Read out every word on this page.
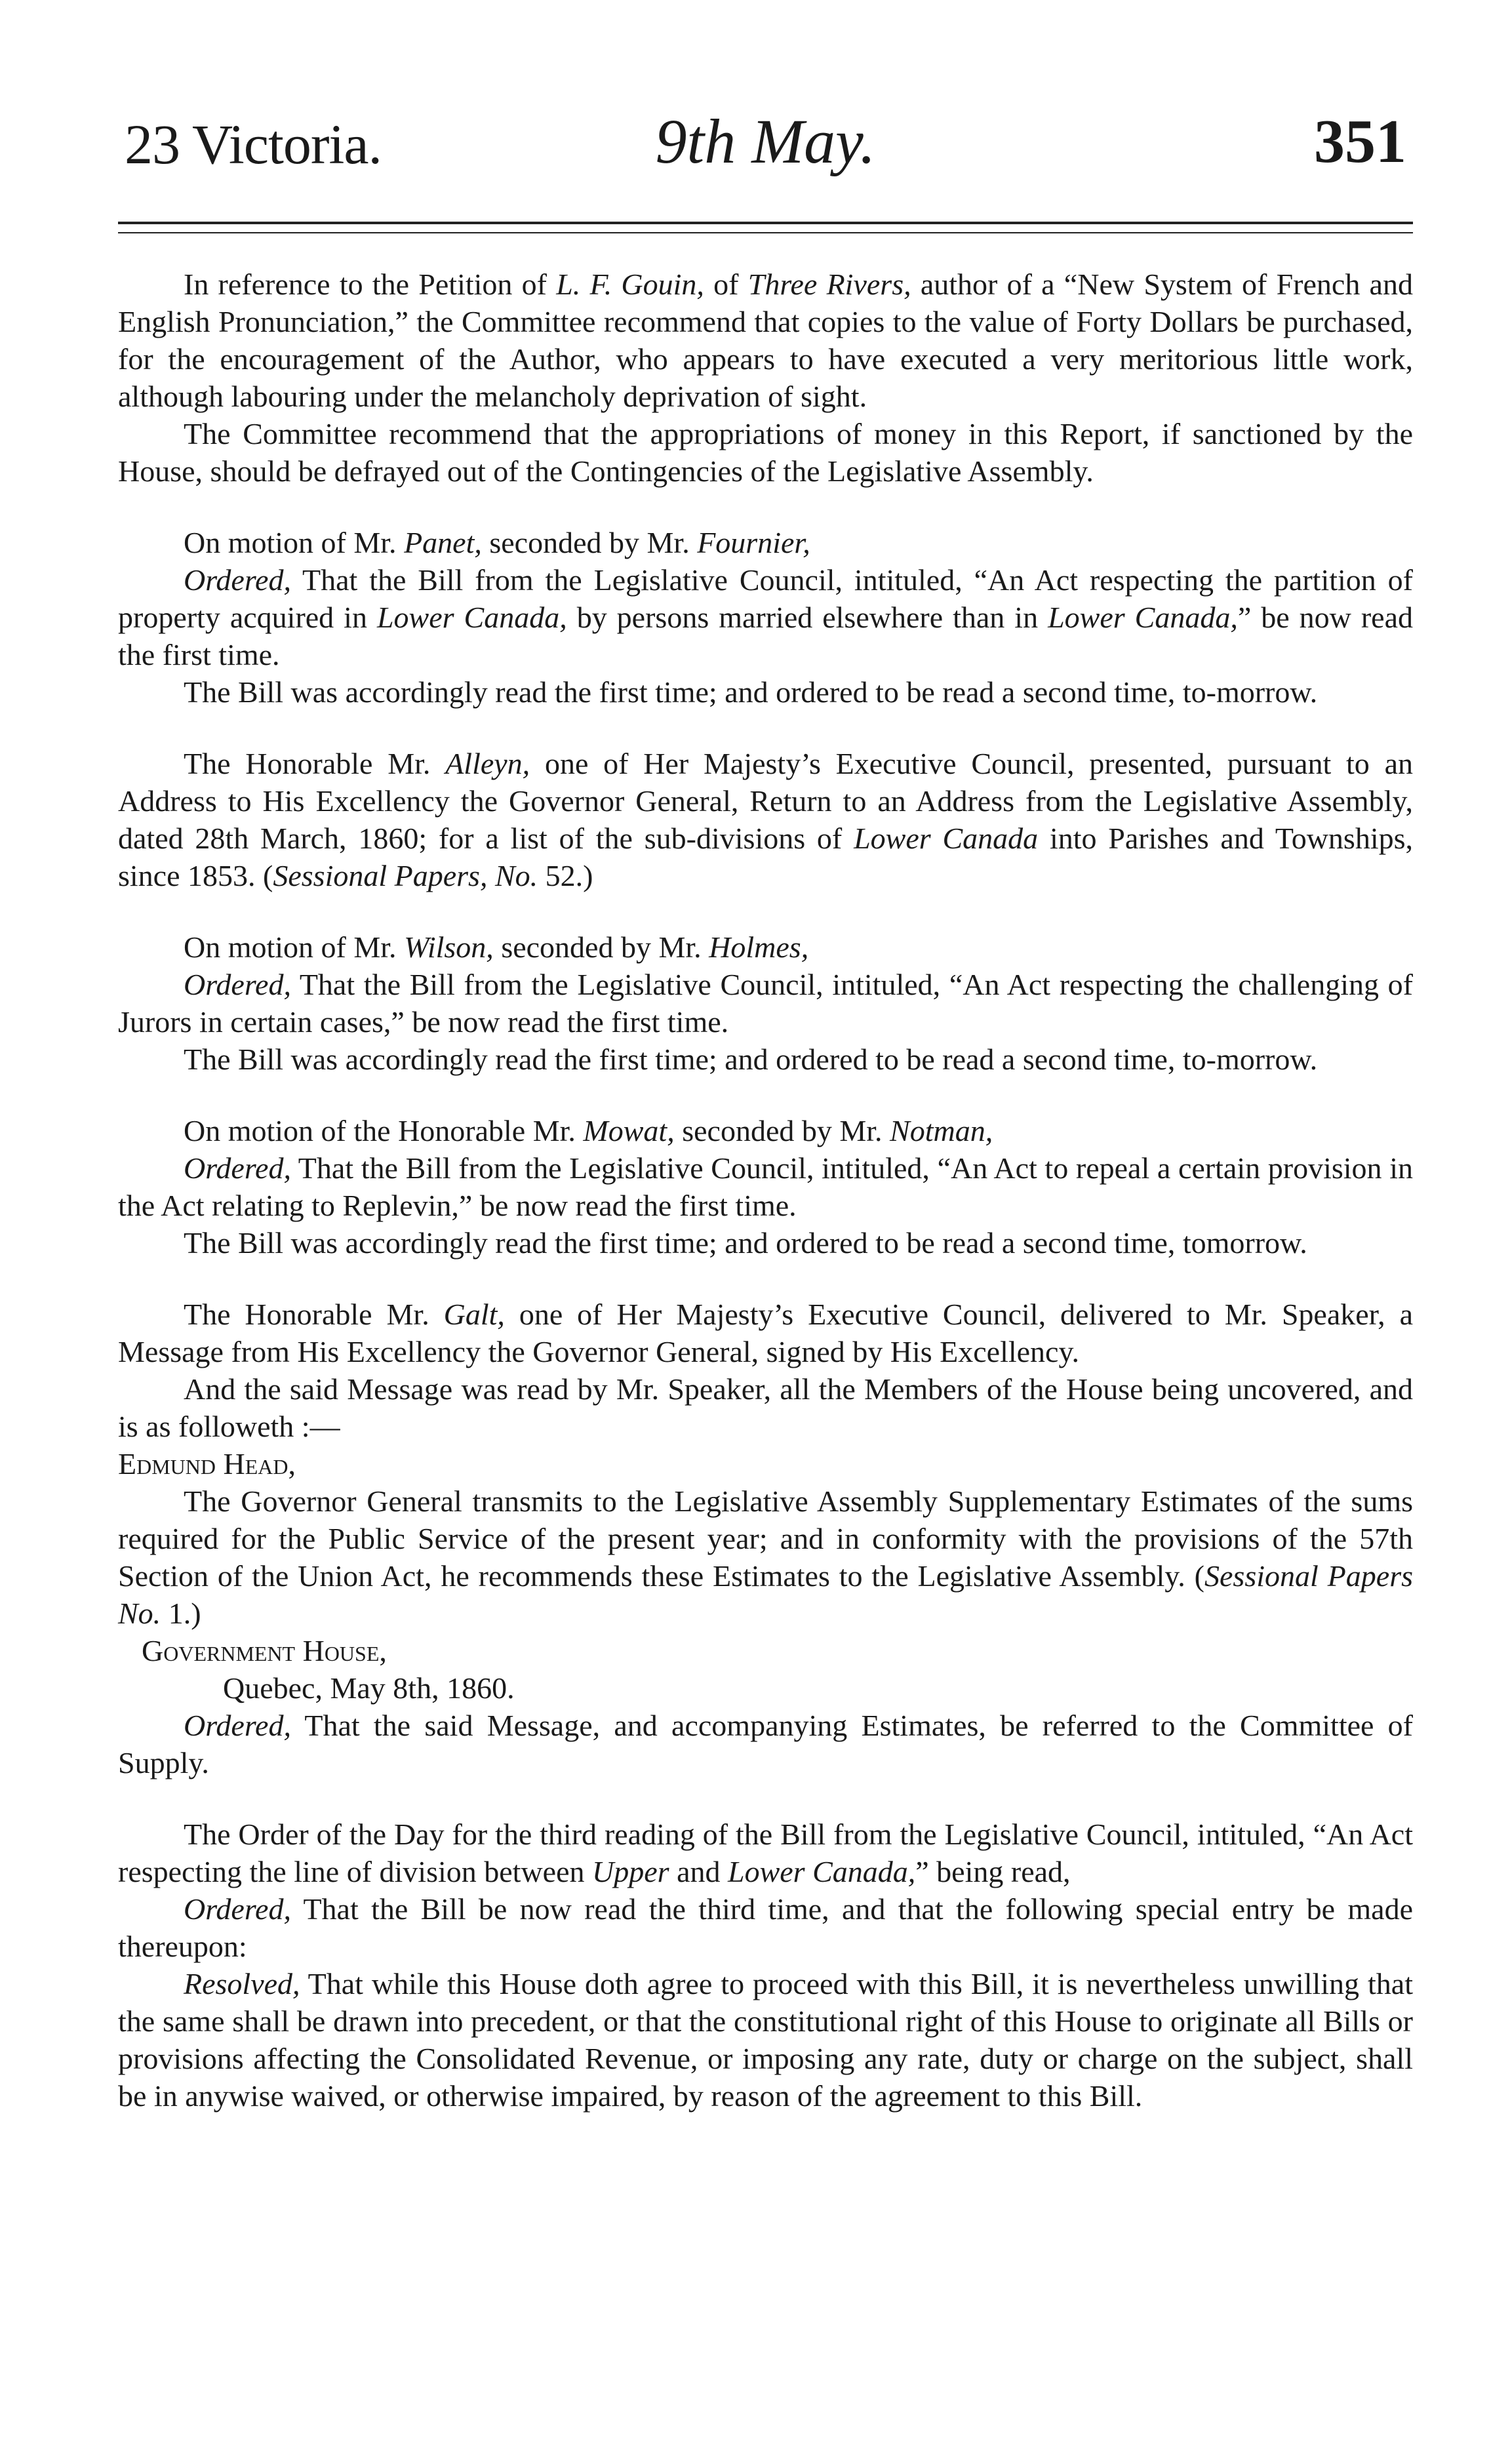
23 Victoria.	9th May.	351

In reference to the Petition of L. F. Gouin, of Three Rivers, author of a “New System of French and English Pronunciation,” the Committee recommend that copies to the value of Forty Dollars be purchased, for the encouragement of the Author, who appears to have executed a very meritorious little work, although labouring under the melancholy deprivation of sight.

The Committee recommend that the appropriations of money in this Report, if sanctioned by the House, should be defrayed out of the Contingencies of the Legislative Assembly.

On motion of Mr. Panet, seconded by Mr. Fournier,

Ordered, That the Bill from the Legislative Council, intituled, “An Act respecting the partition of property acquired in Lower Canada, by persons married elsewhere than in Lower Canada,” be now read the first time.

The Bill was accordingly read the first time; and ordered to be read a second time, to-morrow.

The Honorable Mr. Alleyn, one of Her Majesty’s Executive Council, presented, pursuant to an Address to His Excellency the Governor General, Return to an Address from the Legislative Assembly, dated 28th March, 1860; for a list of the sub-divisions of Lower Canada into Parishes and Townships, since 1853. (Sessional Papers, No. 52.)

On motion of Mr. Wilson, seconded by Mr. Holmes,

Ordered, That the Bill from the Legislative Council, intituled, “An Act respecting the challenging of Jurors in certain cases,” be now read the first time.

The Bill was accordingly read the first time; and ordered to be read a second time, to-morrow.

On motion of the Honorable Mr. Mowat, seconded by Mr. Notman,

Ordered, That the Bill from the Legislative Council, intituled, “An Act to repeal a certain provision in the Act relating to Replevin,” be now read the first time.

The Bill was accordingly read the first time; and ordered to be read a second time, tomorrow.

The Honorable Mr. Galt, one of Her Majesty’s Executive Council, delivered to Mr. Speaker, a Message from His Excellency the Governor General, signed by His Excellency.

And the said Message was read by Mr. Speaker, all the Members of the House being uncovered, and is as followeth :—

Edmund Head,

The Governor General transmits to the Legislative Assembly Supplementary Estimates of the sums required for the Public Service of the present year; and in conformity with the provisions of the 57th Section of the Union Act, he recommends these Estimates to the Legislative Assembly. (Sessional Papers No. 1.)

Government House,

Quebec, May 8th, 1860.

Ordered, That the said Message, and accompanying Estimates, be referred to the Committee of Supply.

The Order of the Day for the third reading of the Bill from the Legislative Council, intituled, “An Act respecting the line of division between Upper and Lower Canada,” being read,

Ordered, That the Bill be now read the third time, and that the following special entry be made thereupon:

Resolved, That while this House doth agree to proceed with this Bill, it is nevertheless unwilling that the same shall be drawn into precedent, or that the constitutional right of this House to originate all Bills or provisions affecting the Consolidated Revenue, or imposing any rate, duty or charge on the subject, shall be in anywise waived, or otherwise impaired, by reason of the agreement to this Bill.
